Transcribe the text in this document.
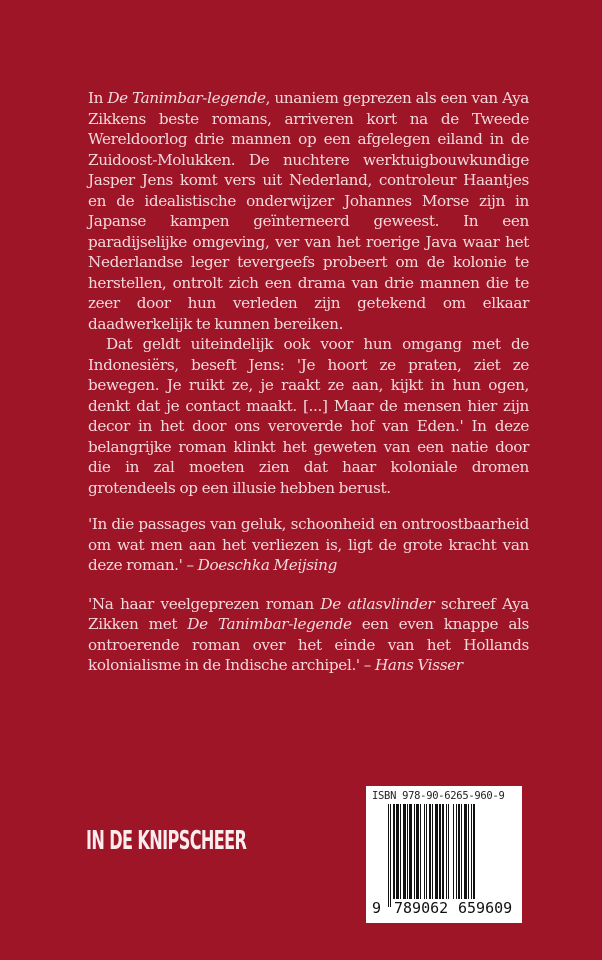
In De Tanimbar-legende, unaniem geprezen als een van Aya Zikkens beste romans, arriveren kort na de Tweede Wereldoorlog drie mannen op een afgelegen eiland in de Zuidoost-Molukken. De nuchtere werktuigbouwkundige Jasper Jens komt vers uit Nederland, controleur Haantjes en de idealistische onderwijzer Johannes Morse zijn in Japanse kampen geïnterneerd geweest. In een paradijselijke omgeving, ver van het roerige Java waar het Nederlandse leger tevergeefs probeert om de kolonie te herstellen, ontrolt zich een drama van drie mannen die te zeer door hun verleden zijn getekend om elkaar daadwerkelijk te kunnen bereiken.

Dat geldt uiteindelijk ook voor hun omgang met de Indonesiërs, beseft Jens: 'Je hoort ze praten, ziet ze bewegen. Je ruikt ze, je raakt ze aan, kijkt in hun ogen, denkt dat je contact maakt. [...] Maar de mensen hier zijn decor in het door ons veroverde hof van Eden.' In deze belangrijke roman klinkt het geweten van een natie door die in zal moeten zien dat haar koloniale dromen grotendeels op een illusie hebben berust.

'In die passages van geluk, schoonheid en ontroostbaarheid om wat men aan het verliezen is, ligt de grote kracht van deze roman.' – Doeschka Meijsing

'Na haar veelgeprezen roman De atlasvlinder schreef Aya Zikken met De Tanimbar-legende een even knappe als ontroerende roman over het einde van het Hollands kolonialisme in de Indische archipel.' – Hans Visser

IN DE KNIPSCHEER
ISBN 978-90-6265-960-9
9 789062 659609
